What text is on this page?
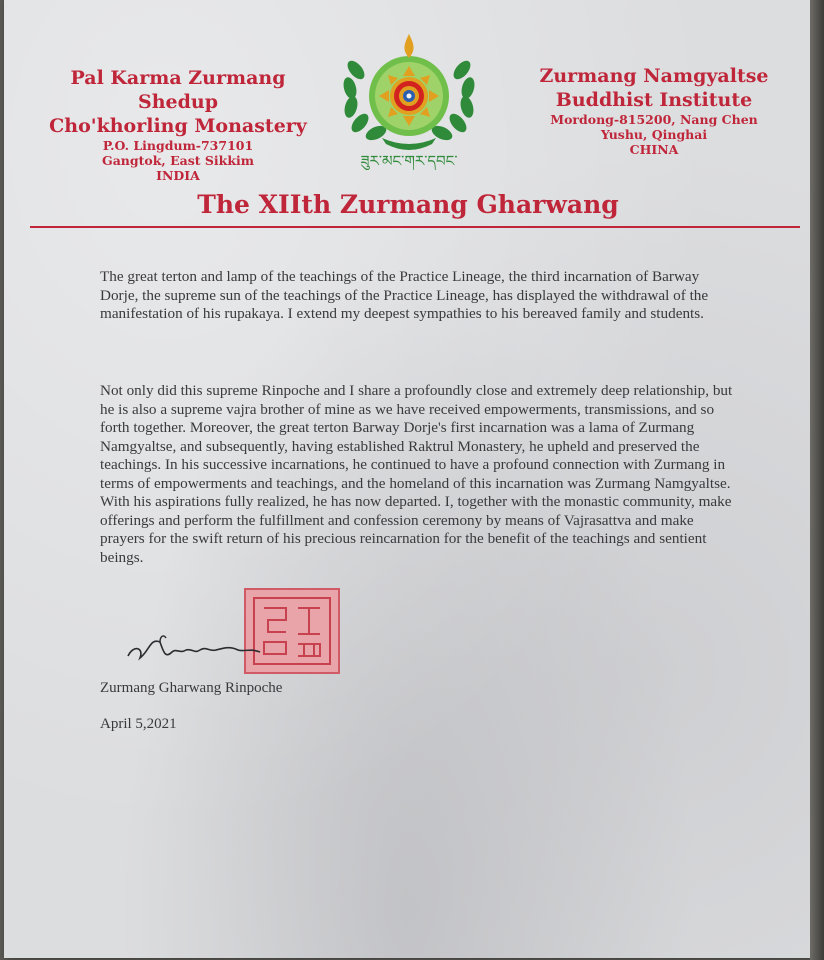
Pal Karma Zurmang Shedup
Cho'khorling Monastery
P.O. Lingdum-737101
Gangtok, East Sikkim
INDIA
ཟུར་མང་གར་དབང་
Zurmang Namgyaltse
Buddhist Institute
Mordong-815200, Nang Chen
Yushu, Qinghai
CHINA
The XIIth Zurmang Gharwang
The great terton and lamp of the teachings of the Practice Lineage, the third incarnation of Barway Dorje, the supreme sun of the teachings of the Practice Lineage, has displayed the withdrawal of the manifestation of his rupakaya. I extend my deepest sympathies to his bereaved family and students.
Not only did this supreme Rinpoche and I share a profoundly close and extremely deep relationship, but he is also a supreme vajra brother of mine as we have received empowerments, transmissions, and so forth together. Moreover, the great terton Barway Dorje's first incarnation was a lama of Zurmang Namgyaltse, and subsequently, having established Raktrul Monastery, he upheld and preserved the teachings. In his successive incarnations, he continued to have a profound connection with Zurmang in terms of empowerments and teachings, and the homeland of this incarnation was Zurmang Namgyaltse. With his aspirations fully realized, he has now departed. I, together with the monastic community, make offerings and perform the fulfillment and confession ceremony by means of Vajrasattva and make prayers for the swift return of his precious reincarnation for the benefit of the teachings and sentient beings.
Zurmang Gharwang Rinpoche
April 5,2021
